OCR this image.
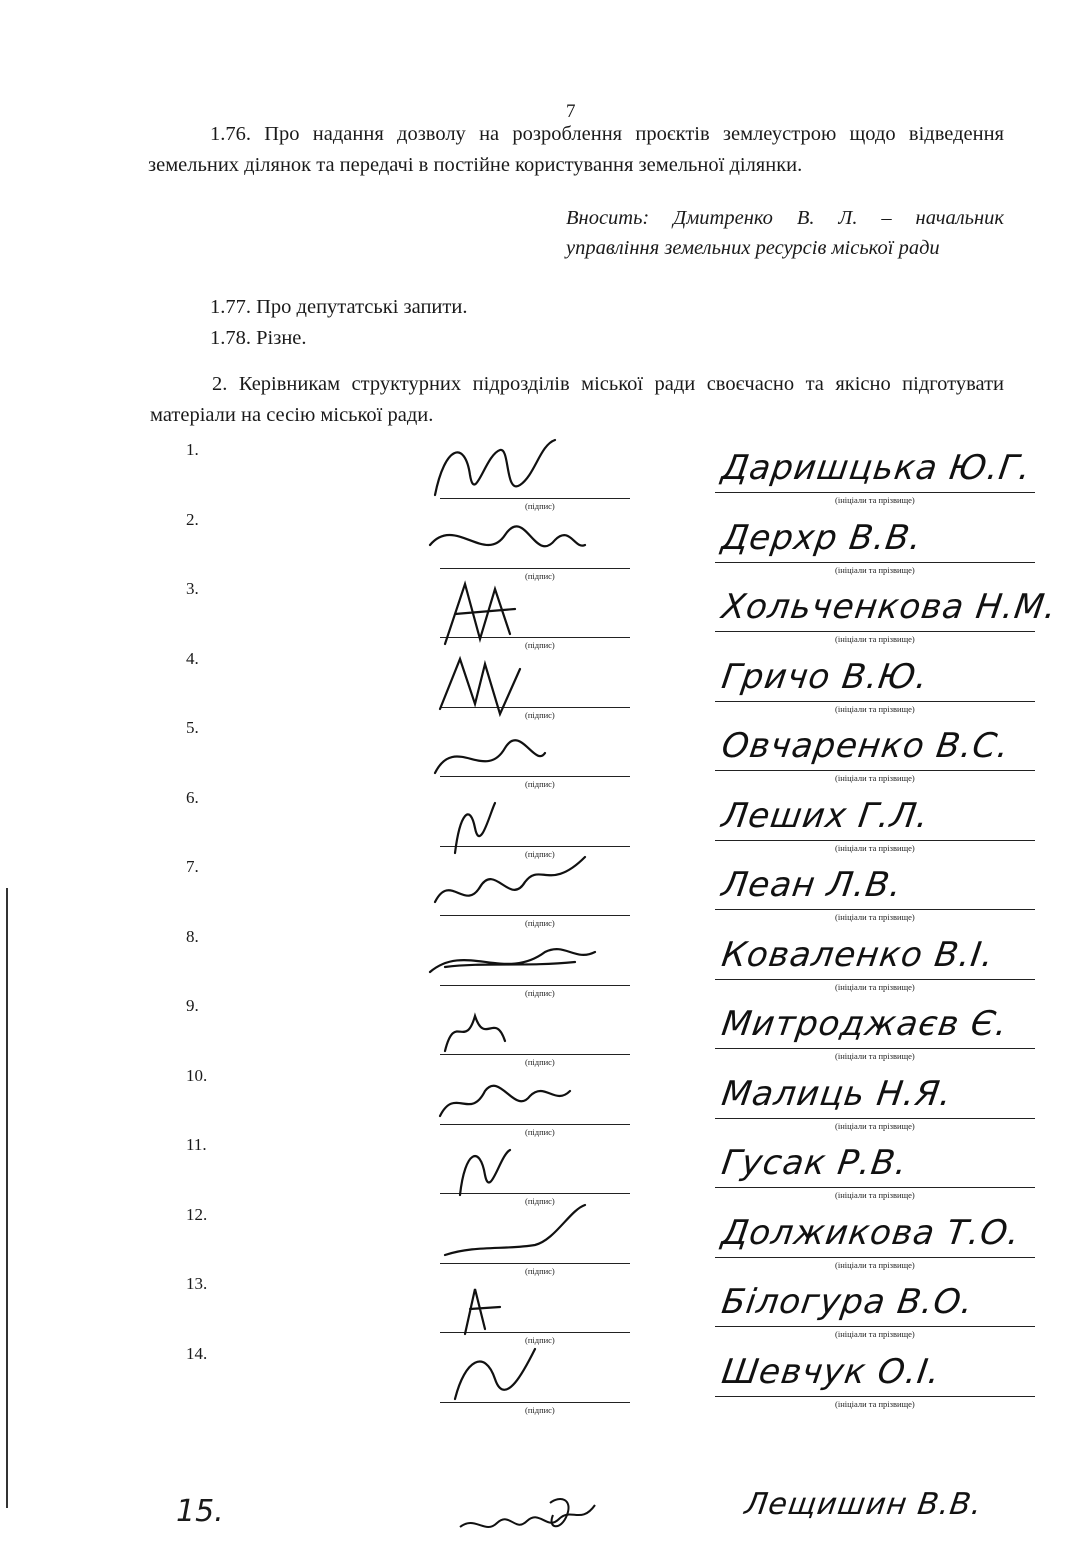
7
1.76. Про надання дозволу на розроблення проєктів землеустрою щодо відведення земельних ділянок та передачі в постійне користування земельної ділянки.
Вносить: Дмитренко В. Л. – начальник управління земельних ресурсів міської ради
1.77. Про депутатські запити.
1.78. Різне.
2. Керівникам структурних підрозділів міської ради своєчасно та якісно підготувати матеріали на сесію міської ради.
1.
(підпис)
(ініціали та прізвище)
Даришцька Ю.Г.
2.
(підпис)
(ініціали та прізвище)
Дерхр В.В.
3.
(підпис)
(ініціали та прізвище)
Хольченкова Н.М.
4.
(підпис)
(ініціали та прізвище)
Гричо В.Ю.
5.
(підпис)
(ініціали та прізвище)
Овчаренко В.С.
6.
(підпис)
(ініціали та прізвище)
Леших Г.Л.
7.
(підпис)
(ініціали та прізвище)
Леан Л.В.
8.
(підпис)
(ініціали та прізвище)
Коваленко В.І.
9.
(підпис)
(ініціали та прізвище)
Митроджаєв Є.
10.
(підпис)
(ініціали та прізвище)
Малиць Н.Я.
11.
(підпис)
(ініціали та прізвище)
Гусак Р.В.
12.
(підпис)
(ініціали та прізвище)
Должикова Т.О.
13.
(підпис)
(ініціали та прізвище)
Білогура В.О.
14.
(підпис)
(ініціали та прізвище)
Шевчук О.І.
15.	Лещишин В.В.
